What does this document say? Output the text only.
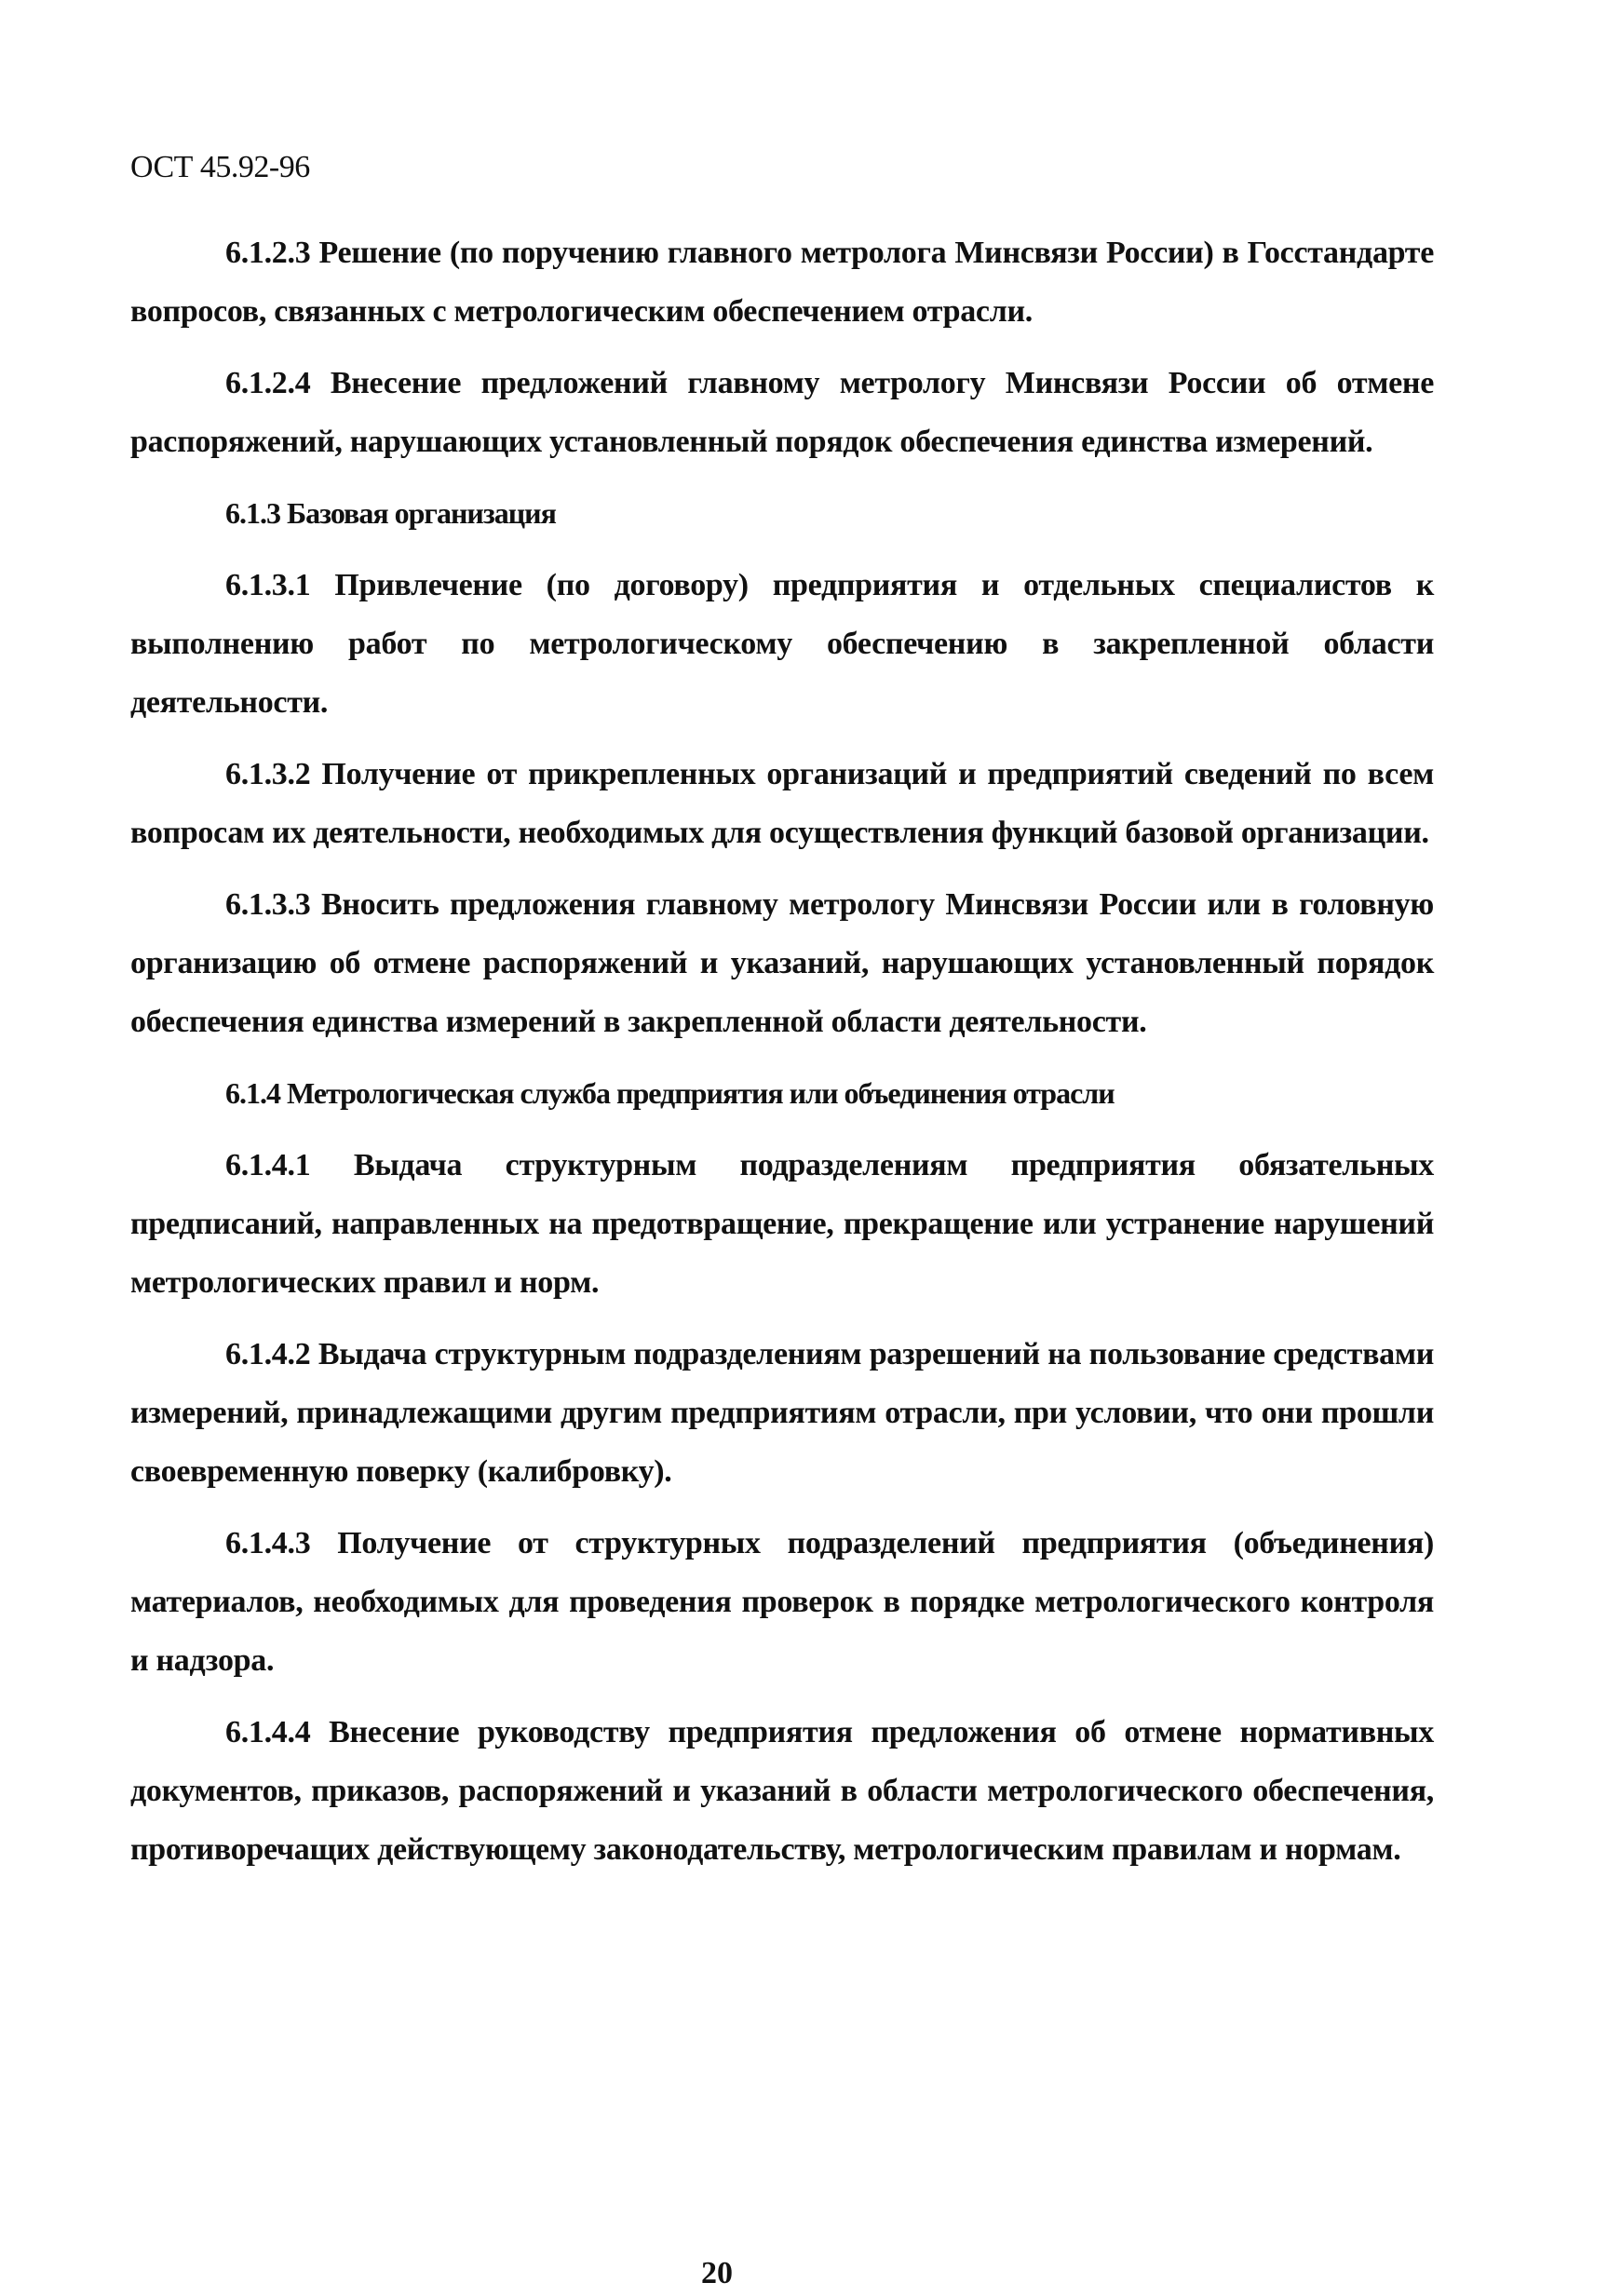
ОСТ 45.92-96

6.1.2.3 Решение (по поручению главного метролога Минсвязи России) в Госстандарте вопросов, связанных с метрологическим обеспечением отрасли.

6.1.2.4 Внесение предложений главному метрологу Минсвязи России об отмене распоряжений, нарушающих установленный порядок обеспечения единства измерений.

6.1.3 Базовая организация

6.1.3.1 Привлечение (по договору) предприятия и отдельных специалистов к выполнению работ по метрологическому обеспечению в закрепленной области деятельности.

6.1.3.2 Получение от прикрепленных организаций и предприятий сведений по всем вопросам их деятельности, необходимых для осуществления функций базовой организации.

6.1.3.3 Вносить предложения главному метрологу Минсвязи России или в головную организацию об отмене распоряжений и указаний, нарушающих установленный порядок обеспечения единства измерений в закрепленной области деятельности.

6.1.4 Метрологическая служба предприятия или объединения отрасли

6.1.4.1 Выдача структурным подразделениям предприятия обязательных предписаний, направленных на предотвращение, прекращение или устранение нарушений метрологических правил и норм.

6.1.4.2 Выдача структурным подразделениям разрешений на пользование средствами измерений, принадлежащими другим предприятиям отрасли, при условии, что они прошли своевременную поверку (калибровку).

6.1.4.3 Получение от структурных подразделений предприятия (объединения) материалов, необходимых для проведения проверок в порядке метрологического контроля и надзора.

6.1.4.4 Внесение руководству предприятия предложения об отмене нормативных документов, приказов, распоряжений и указаний в области метрологического обеспечения, противоречащих действующему законодательству, метрологическим правилам и нормам.

20
